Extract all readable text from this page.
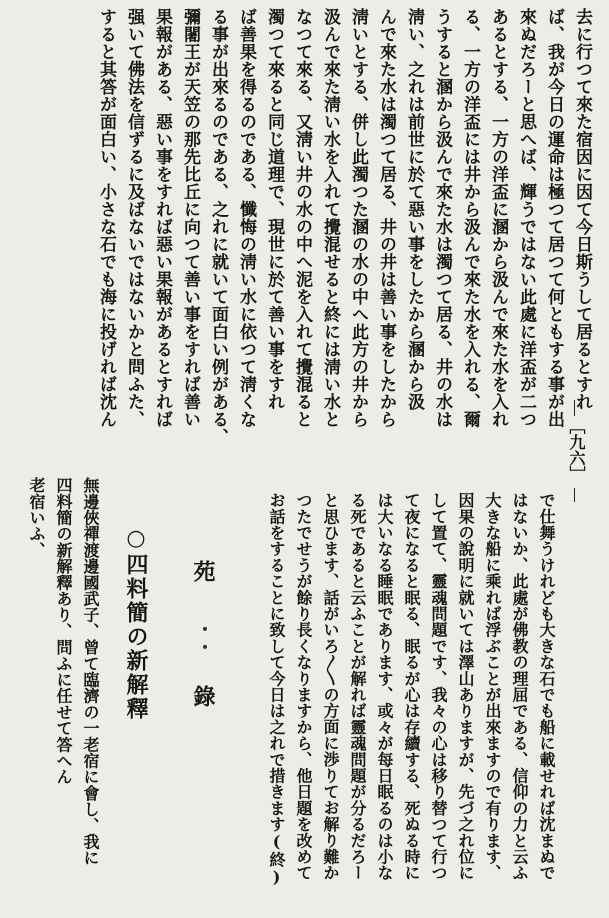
［九六］
去に行つて來た宿因に因て今日斯うして居るとすれ
ば、我が今日の運命は極つて居つて何ともする事が出
來ぬだろーと思へば、輝うではない此處に洋盃が二つ
あるとする、一方の洋盃に溷から汲んで來た水を入れ
る、一方の洋盃には井から汲んで來た水を入れる、爾
うすると溷から汲んで來た水は濁つて居る、井の水は
淸い、之れは前世に於て惡い事をしたから溷から汲
んで來た水は濁つて居る、井の井は善い事をしたから
淸いとする、併し此濁つた溷の水の中へ此方の井から
汲んで來た淸い水を入れて攪混せると終には淸い水と
なつて來る、又淸い井の水の中へ泥を入れて攪混ると
濁つて來ると同じ道理で、現世に於て善い事をすれ
ば善果を得るのである、懺悔の淸い水に依つて淸くな
る事が出來るのである、之れに就いて面白い例がある、
彌闍王が天笠の那先比丘に向つて善い事をすれば善い
果報がある、惡い事をすれば惡い果報があるとすれば
强いて佛法を信ずるに及ばないではないかと問ふた、
すると其答が面白い、小さな石でも海に投げれば沈ん
で仕舞うけれども大きな石でも船に載せれば沈まぬで
はないか、此處が佛教の理屈である、信仰の力と云ふ
大きな船に乘れば浮ぶことが出來ますので有ります、
因果の說明に就いては澤山ありますが、先づ之れ位に
して置て、靈魂問題です、我々の心は移り替つて行つ
て夜になると眠る、眠るが心は存續する、死ぬる時に
は大いなる睡眠であります、或々が每日眠るのは小な
る死であると云ふことが解れば靈魂問題が分るだろー
と思ひます、話がいろ〳〵の方面に渉りてお解り難か
つたでせうが餘り長くなりますから、他日題を改めて
お話をすることに致して今日は之れで措きます(終)
苑
・・
錄
○四料簡の新解釋
無邊俠禪渡邊國武子、曾て臨濟の一老宿に會し、我に
四料簡の新解釋あり、問ふに任せて答へん
老宿いふ、
